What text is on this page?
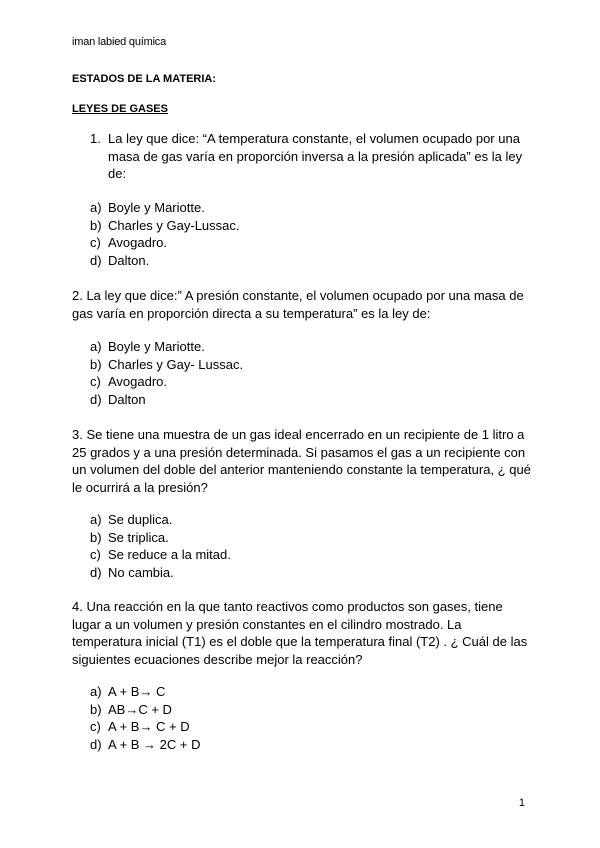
iman labied química
ESTADOS DE LA MATERIA:
LEYES DE GASES
1. La ley que dice: “A temperatura constante, el volumen ocupado por una masa de gas varía en proporción inversa a la presión aplicada” es la ley de:
a) Boyle y Mariotte.
b) Charles y Gay-Lussac.
c) Avogadro.
d) Dalton.
2. La ley que dice:” A presión constante, el volumen ocupado por una masa de gas varía en proporción directa a su temperatura” es la ley de:
a) Boyle y Mariotte.
b) Charles y Gay- Lussac.
c) Avogadro.
d) Dalton
3. Se tiene una muestra de un gas ideal encerrado en un recipiente de 1 litro a 25 grados y a una presión determinada. Si pasamos el gas a un recipiente con un volumen del doble del anterior manteniendo constante la temperatura, ¿ qué le ocurrirá a la presión?
a) Se duplica.
b) Se triplica.
c) Se reduce a la mitad.
d) No cambia.
4. Una reacción en la que tanto reactivos como productos son gases, tiene lugar a un volumen y presión constantes en el cilindro mostrado. La temperatura inicial (T1) es el doble que la temperatura final (T2) . ¿ Cuál de las siguientes ecuaciones describe mejor la reacción?
a) A + B→ C
b) AB→C + D
c) A + B→ C + D
d) A + B → 2C + D
1
